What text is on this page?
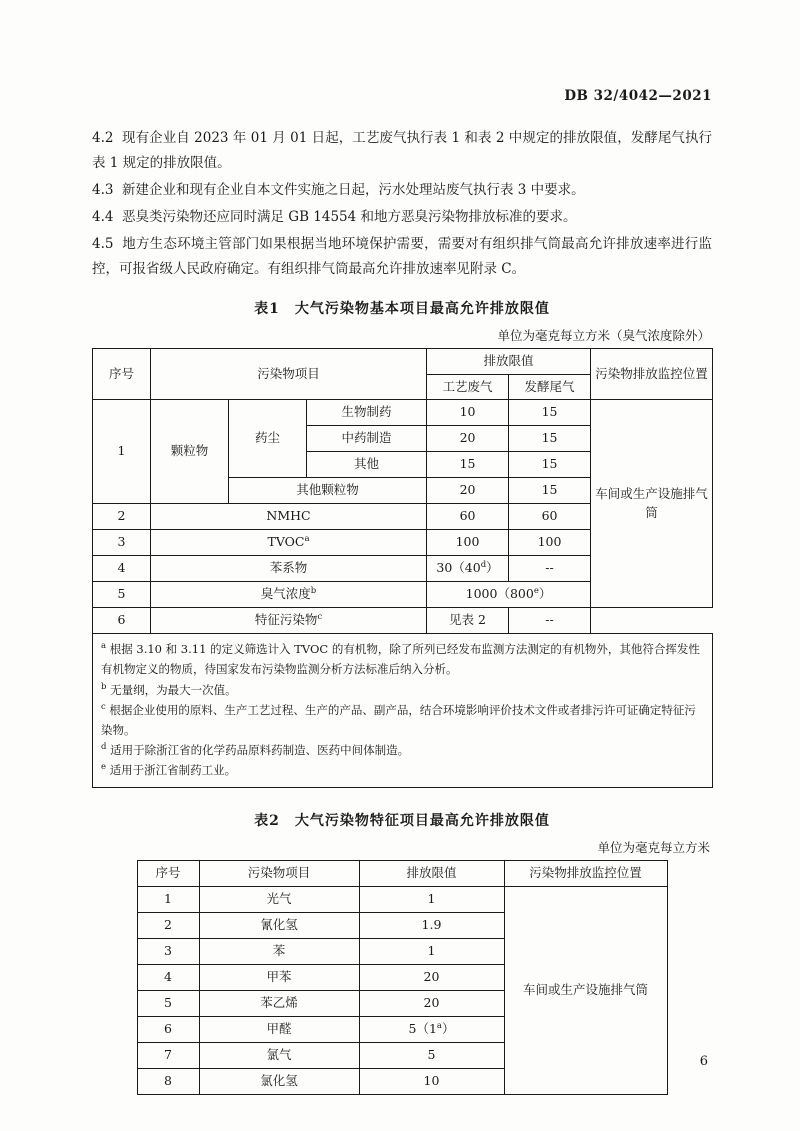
DB 32/4042—2021

4.2 现有企业自 2023 年 01 月 01 日起，工艺废气执行表 1 和表 2 中规定的排放限值，发酵尾气执行表 1 规定的排放限值。

4.3 新建企业和现有企业自本文件实施之日起，污水处理站废气执行表 3 中要求。

4.4 恶臭类污染物还应同时满足 GB 14554 和地方恶臭污染物排放标准的要求。

4.5 地方生态环境主管部门如果根据当地环境保护需要，需要对有组织排气筒最高允许排放速率进行监控，可报省级人民政府确定。有组织排气筒最高允许排放速率见附录 C。

表1　大气污染物基本项目最高允许排放限值
单位为毫克每立方米（臭气浓度除外）
序号	污染物项目			排放限值		污染物排放监控位置
				工艺废气	发酵尾气	
1	颗粒物	药尘	生物制药	10	15	车间或生产设施排气筒
			中药制造	20	15	
			其他	15	15	
		其他颗粒物		20	15	
2	NMHC			60	60	
3	TVOC$^a$			100	100	
4	苯系物			30（40$^d$）	--	
5	臭气浓度$^b$			1000（800e）		
6	特征污染物$^c$			见表 2	--	

$^a$ 根据 3.10 和 3.11 的定义筛选计入 TVOC 的有机物，除了所列已经发布监测方法测定的有机物外，其他符合挥发性有机物定义的物质，待国家发布污染物监测分析方法标准后纳入分析。
$^b$ 无量纲，为最大一次值。
$^c$ 根据企业使用的原料、生产工艺过程、生产的产品、副产品，结合环境影响评价技术文件或者排污许可证确定特征污染物。
$^d$ 适用于除浙江省的化学药品原料药制造、医药中间体制造。
$^e$ 适用于浙江省制药工业。						
表2　大气污染物特征项目最高允许排放限值
单位为毫克每立方米
序号	污染物项目	排放限值	污染物排放监控位置
1	光气	1	车间或生产设施排气筒
2	氰化氢	1.9	
3	苯	1	
4	甲苯	20	
5	苯乙烯	20	
6	甲醛	5（1$^a$）	
7	氯气	5	
8	氯化氢	10	
6
